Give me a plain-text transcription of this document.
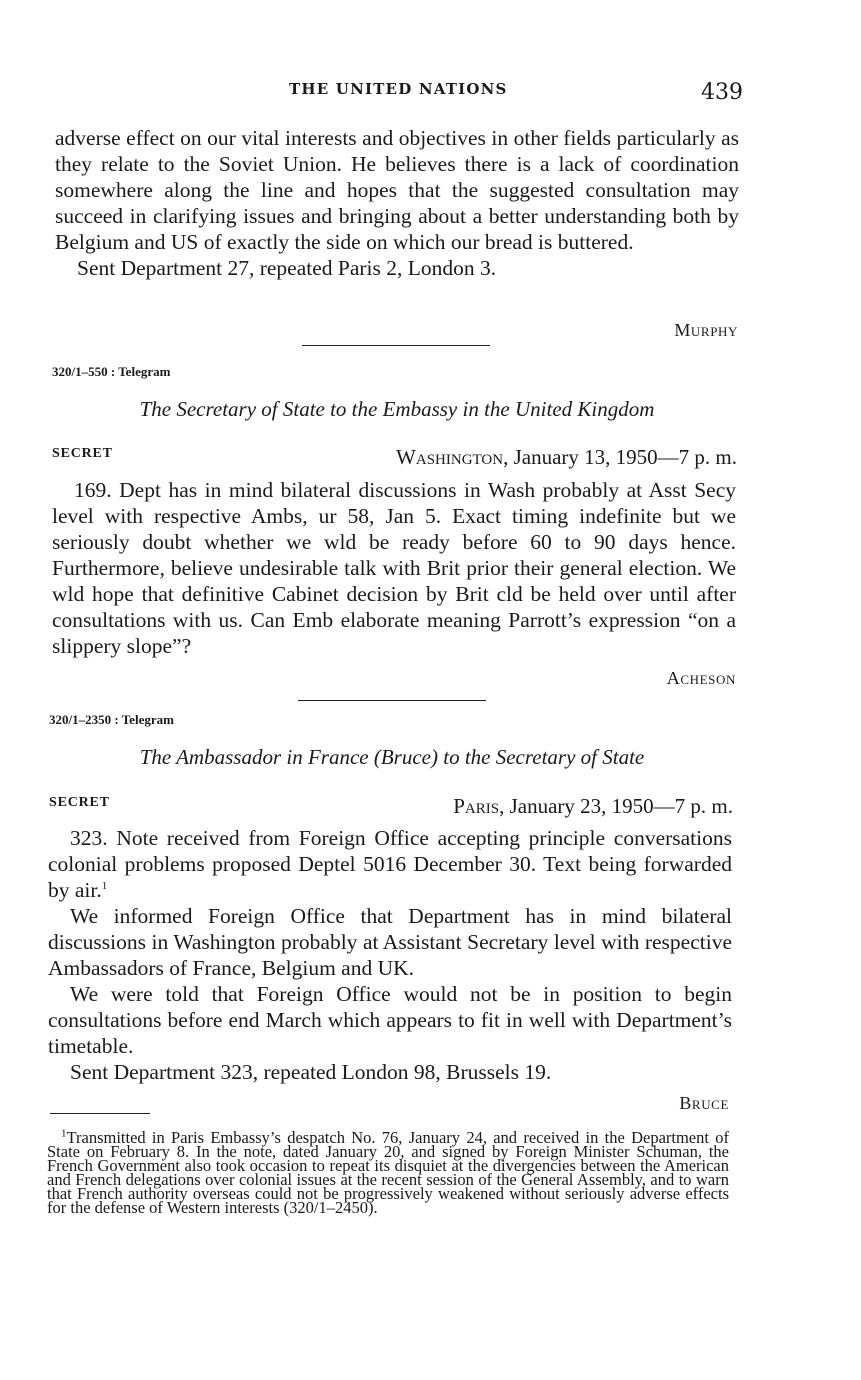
THE UNITED NATIONS	439

adverse effect on our vital interests and objectives in other fields particularly as they relate to the Soviet Union. He believes there is a lack of coordination somewhere along the line and hopes that the suggested consultation may succeed in clarifying issues and bringing about a better understanding both by Belgium and US of exactly the side on which our bread is buttered.

Sent Department 27, repeated Paris 2, London 3.

Murphy
320/1–550 : Telegram
The Secretary of State to the Embassy in the United Kingdom
SECRET	Washington, January 13, 1950—7 p. m.

169. Dept has in mind bilateral discussions in Wash probably at Asst Secy level with respective Ambs, ur 58, Jan 5. Exact timing indefinite but we seriously doubt whether we wld be ready before 60 to 90 days hence. Furthermore, believe undesirable talk with Brit prior their general election. We wld hope that definitive Cabinet decision by Brit cld be held over until after consultations with us. Can Emb elaborate meaning Parrott’s expression “on a slippery slope”?

Acheson
320/1–2350 : Telegram
The Ambassador in France (Bruce) to the Secretary of State
SECRET	Paris, January 23, 1950—7 p. m.

323. Note received from Foreign Office accepting principle conversations colonial problems proposed Deptel 5016 December 30. Text being forwarded by air.$^1$

We informed Foreign Office that Department has in mind bilateral discussions in Washington probably at Assistant Secretary level with respective Ambassadors of France, Belgium and UK.

We were told that Foreign Office would not be in position to begin consultations before end March which appears to fit in well with Department’s timetable.

Sent Department 323, repeated London 98, Brussels 19.

Bruce
$^1$Transmitted in Paris Embassy’s despatch No. 76, January 24, and received in the Department of State on February 8. In the note, dated January 20, and signed by Foreign Minister Schuman, the French Government also took occasion to repeat its disquiet at the divergencies between the American and French delegations over colonial issues at the recent session of the General Assembly, and to warn that French authority overseas could not be progressively weakened without seriously adverse effects for the defense of Western interests (320/1–2450).
